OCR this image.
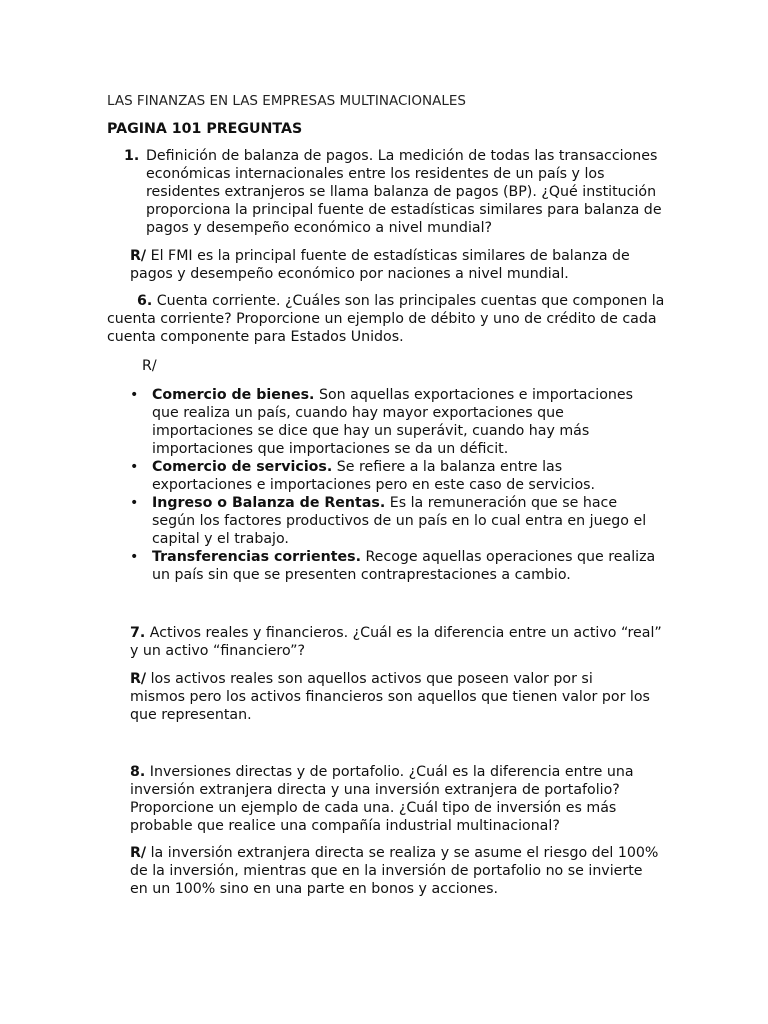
LAS FINANZAS EN LAS EMPRESAS MULTINACIONALES

PAGINA 101 PREGUNTAS

1. Definición de balanza de pagos. La medición de todas las transacciones económicas internacionales entre los residentes de un país y los residentes extranjeros se llama balanza de pagos (BP). ¿Qué institución proporciona la principal fuente de estadísticas similares para balanza de pagos y desempeño económico a nivel mundial?

R/ El FMI es la principal fuente de estadísticas similares de balanza de pagos y desempeño económico por naciones a nivel mundial.

6. Cuenta corriente. ¿Cuáles son las principales cuentas que componen la cuenta corriente? Proporcione un ejemplo de débito y uno de crédito de cada cuenta componente para Estados Unidos.

R/

• Comercio de bienes. Son aquellas exportaciones e importaciones que realiza un país, cuando hay mayor exportaciones que importaciones se dice que hay un superávit, cuando hay más importaciones que importaciones se da un déficit.
• Comercio de servicios. Se refiere a la balanza entre las exportaciones e importaciones pero en este caso de servicios.
• Ingreso o Balanza de Rentas. Es la remuneración que se hace según los factores productivos de un país en lo cual entra en juego el capital y el trabajo.
• Transferencias corrientes. Recoge aquellas operaciones que realiza un país sin que se presenten contraprestaciones a cambio.

7. Activos reales y financieros. ¿Cuál es la diferencia entre un activo “real” y un activo “financiero”?

R/ los activos reales son aquellos activos que poseen valor por si mismos pero los activos financieros son aquellos que tienen valor por los que representan.

8. Inversiones directas y de portafolio. ¿Cuál es la diferencia entre una inversión extranjera directa y una inversión extranjera de portafolio? Proporcione un ejemplo de cada una. ¿Cuál tipo de inversión es más probable que realice una compañía industrial multinacional?

R/ la inversión extranjera directa se realiza y se asume el riesgo del 100% de la inversión, mientras que en la inversión de portafolio no se invierte en un 100% sino en una parte en bonos y acciones.
